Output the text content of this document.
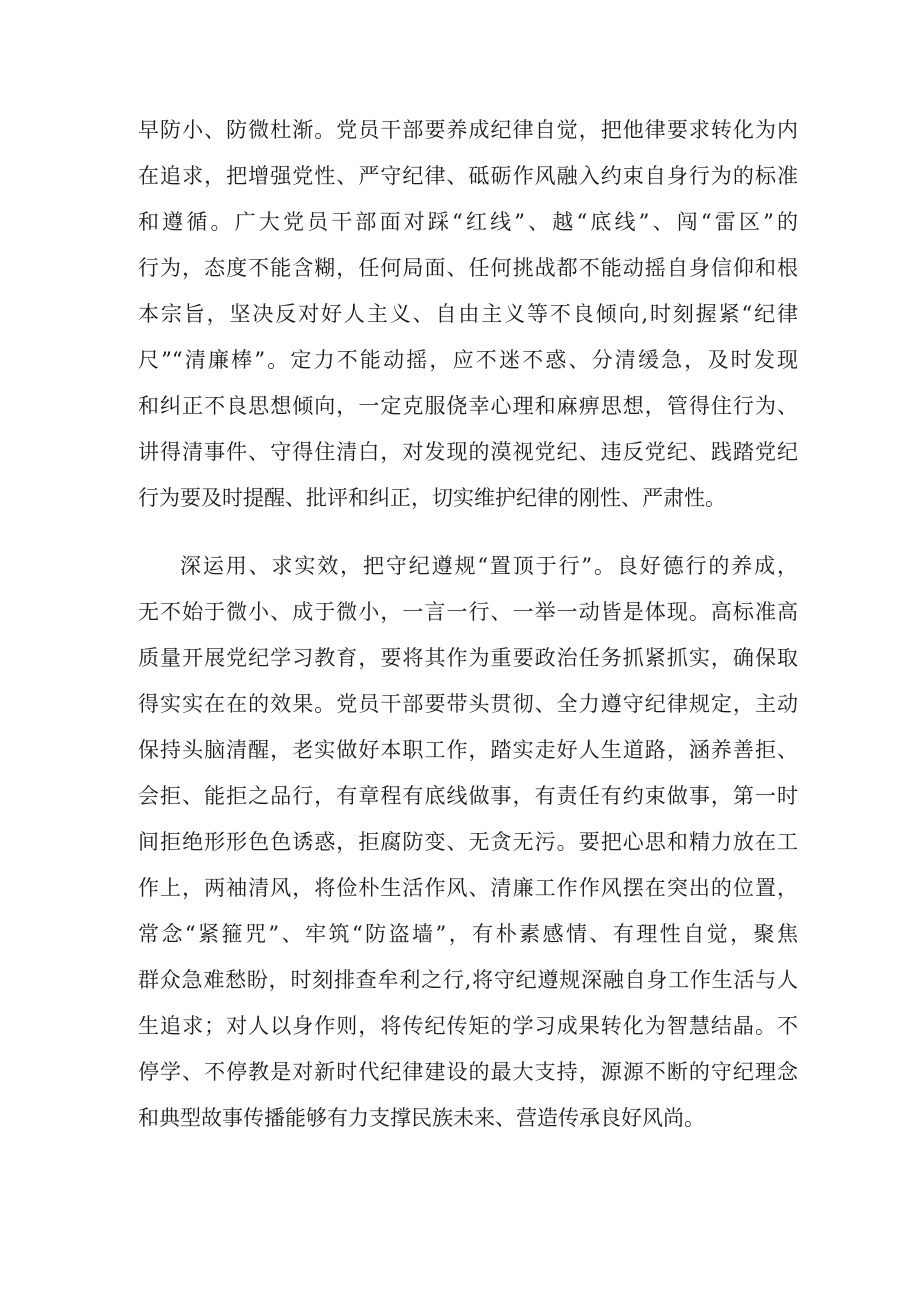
早防小、防微杜渐。党员干部要养成纪律自觉，把他律要求转化为内
在追求，把增强党性、严守纪律、砥砺作风融入约束自身行为的标准
和遵循。广大党员干部面对踩“红线”、越“底线”、闯“雷区”的
行为，态度不能含糊，任何局面、任何挑战都不能动摇自身信仰和根
本宗旨，坚决反对好人主义、自由主义等不良倾向,时刻握紧“纪律
尺”“清廉棒”。定力不能动摇，应不迷不惑、分清缓急，及时发现
和纠正不良思想倾向，一定克服侥幸心理和麻痹思想，管得住行为、
讲得清事件、守得住清白，对发现的漠视党纪、违反党纪、践踏党纪
行为要及时提醒、批评和纠正，切实维护纪律的刚性、严肃性。
深运用、求实效，把守纪遵规“置顶于行”。良好德行的养成，
无不始于微小、成于微小，一言一行、一举一动皆是体现。高标准高
质量开展党纪学习教育，要将其作为重要政治任务抓紧抓实，确保取
得实实在在的效果。党员干部要带头贯彻、全力遵守纪律规定，主动
保持头脑清醒，老实做好本职工作，踏实走好人生道路，涵养善拒、
会拒、能拒之品行，有章程有底线做事，有责任有约束做事，第一时
间拒绝形形色色诱惑，拒腐防变、无贪无污。要把心思和精力放在工
作上，两袖清风，将俭朴生活作风、清廉工作作风摆在突出的位置，
常念“紧箍咒”、牢筑“防盗墙”，有朴素感情、有理性自觉，聚焦
群众急难愁盼，时刻排查牟利之行,将守纪遵规深融自身工作生活与人
生追求；对人以身作则，将传纪传矩的学习成果转化为智慧结晶。不
停学、不停教是对新时代纪律建设的最大支持，源源不断的守纪理念
和典型故事传播能够有力支撑民族未来、营造传承良好风尚。
